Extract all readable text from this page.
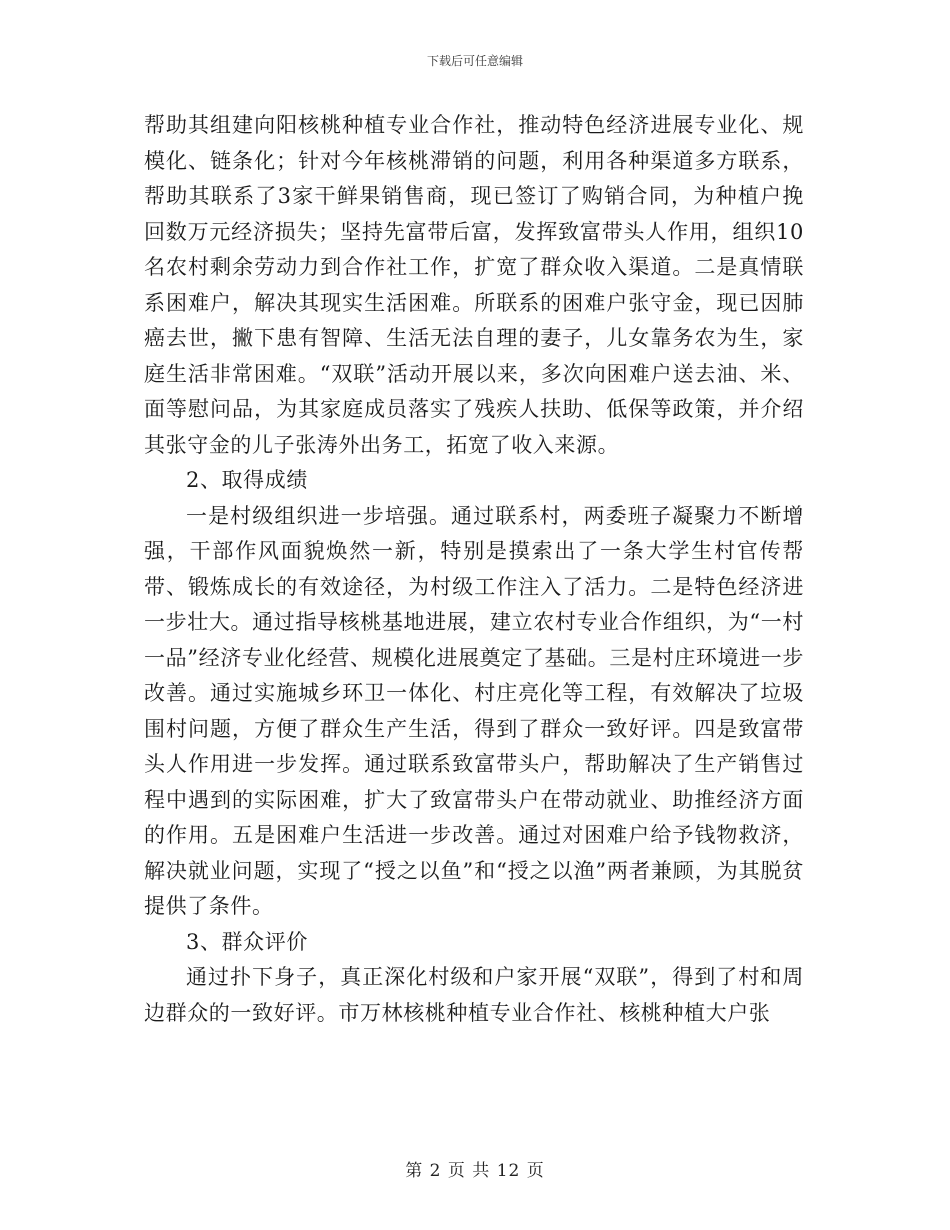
下载后可任意编辑

帮助其组建向阳核桃种植专业合作社，推动特色经济进展专业化、规模化、链条化；针对今年核桃滞销的问题，利用各种渠道多方联系，帮助其联系了3家干鲜果销售商，现已签订了购销合同，为种植户挽回数万元经济损失；坚持先富带后富，发挥致富带头人作用，组织10名农村剩余劳动力到合作社工作，扩宽了群众收入渠道。二是真情联系困难户，解决其现实生活困难。所联系的困难户张守金，现已因肺癌去世，撇下患有智障、生活无法自理的妻子，儿女靠务农为生，家庭生活非常困难。“双联”活动开展以来，多次向困难户送去油、米、面等慰问品，为其家庭成员落实了残疾人扶助、低保等政策，并介绍其张守金的儿子张涛外出务工，拓宽了收入来源。

2、取得成绩

一是村级组织进一步培强。通过联系村，两委班子凝聚力不断增强，干部作风面貌焕然一新，特别是摸索出了一条大学生村官传帮带、锻炼成长的有效途径，为村级工作注入了活力。二是特色经济进一步壮大。通过指导核桃基地进展，建立农村专业合作组织，为“一村一品”经济专业化经营、规模化进展奠定了基础。三是村庄环境进一步改善。通过实施城乡环卫一体化、村庄亮化等工程，有效解决了垃圾围村问题，方便了群众生产生活，得到了群众一致好评。四是致富带头人作用进一步发挥。通过联系致富带头户，帮助解决了生产销售过程中遇到的实际困难，扩大了致富带头户在带动就业、助推经济方面的作用。五是困难户生活进一步改善。通过对困难户给予钱物救济，解决就业问题，实现了“授之以鱼”和“授之以渔”两者兼顾，为其脱贫提供了条件。

3、群众评价

通过扑下身子，真正深化村级和户家开展“双联”，得到了村和周边群众的一致好评。市万林核桃种植专业合作社、核桃种植大户张

第 2 页 共 12 页
